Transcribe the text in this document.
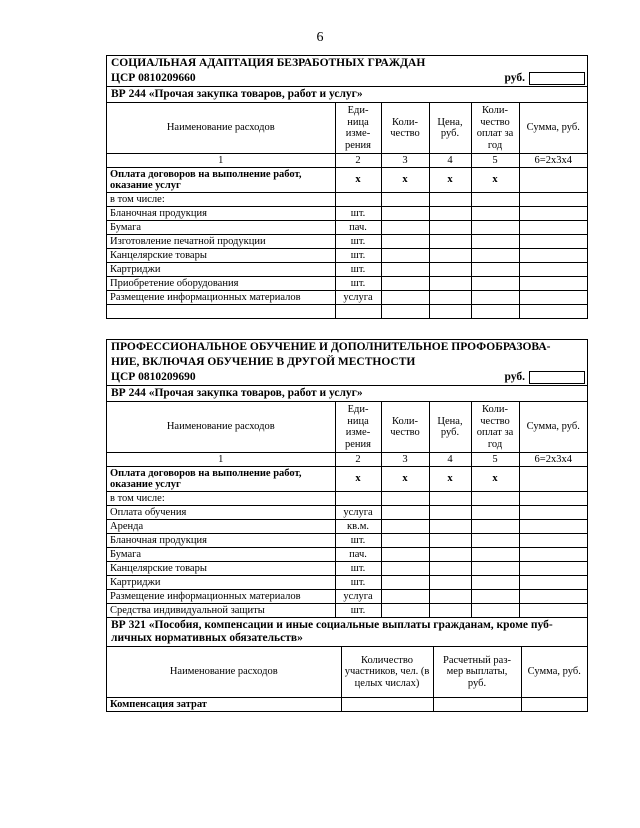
6
СОЦИАЛЬНАЯ АДАПТАЦИЯ БЕЗРАБОТНЫХ ГРАЖДАН
ЦСР 0810209660	руб.
ВР 244 «Прочая закупка товаров, работ и услуг»
Наименование расходов	Еди-ница изме-рения	Коли-чество	Цена, руб.	Коли-чество оплат за год	Сумма, руб.
1	2	3	4	5	6=2х3х4
Оплата договоров на выполнение работ, оказание услуг	х	х	х	х	
в том числе:					
Бланочная продукция	шт.				
Бумага	пач.				
Изготовление печатной продукции	шт.				
Канцелярские товары	шт.				
Картриджи	шт.				
Приобретение оборудования	шт.				
Размещение информационных материалов	услуга				

ПРОФЕССИОНАЛЬНОЕ ОБУЧЕНИЕ И ДОПОЛНИТЕЛЬНОЕ ПРОФОБРАЗОВА-
НИЕ, ВКЛЮЧАЯ ОБУЧЕНИЕ В ДРУГОЙ МЕСТНОСТИ
ЦСР 0810209690	руб.
ВР 244 «Прочая закупка товаров, работ и услуг»
Наименование расходов	Еди-ница изме-рения	Коли-чество	Цена, руб.	Коли-чество оплат за год	Сумма, руб.
1	2	3	4	5	6=2х3х4
Оплата договоров на выполнение работ, оказание услуг	х	х	х	х	
в том числе:					
Оплата обучения	услуга				
Аренда	кв.м.				
Бланочная продукция	шт.				
Бумага	пач.				
Канцелярские товары	шт.				
Картриджи	шт.				
Размещение информационных материалов	услуга				
Средства индивидуальной защиты	шт.				
ВР 321 «Пособия, компенсации и иные социальные выплаты гражданам, кроме пуб-
личных нормативных обязательств»
Наименование расходов	Количество участников, чел. (в целых числах)	Расчетный раз-мер выплаты, руб.	Сумма, руб.
Компенсация затрат			
